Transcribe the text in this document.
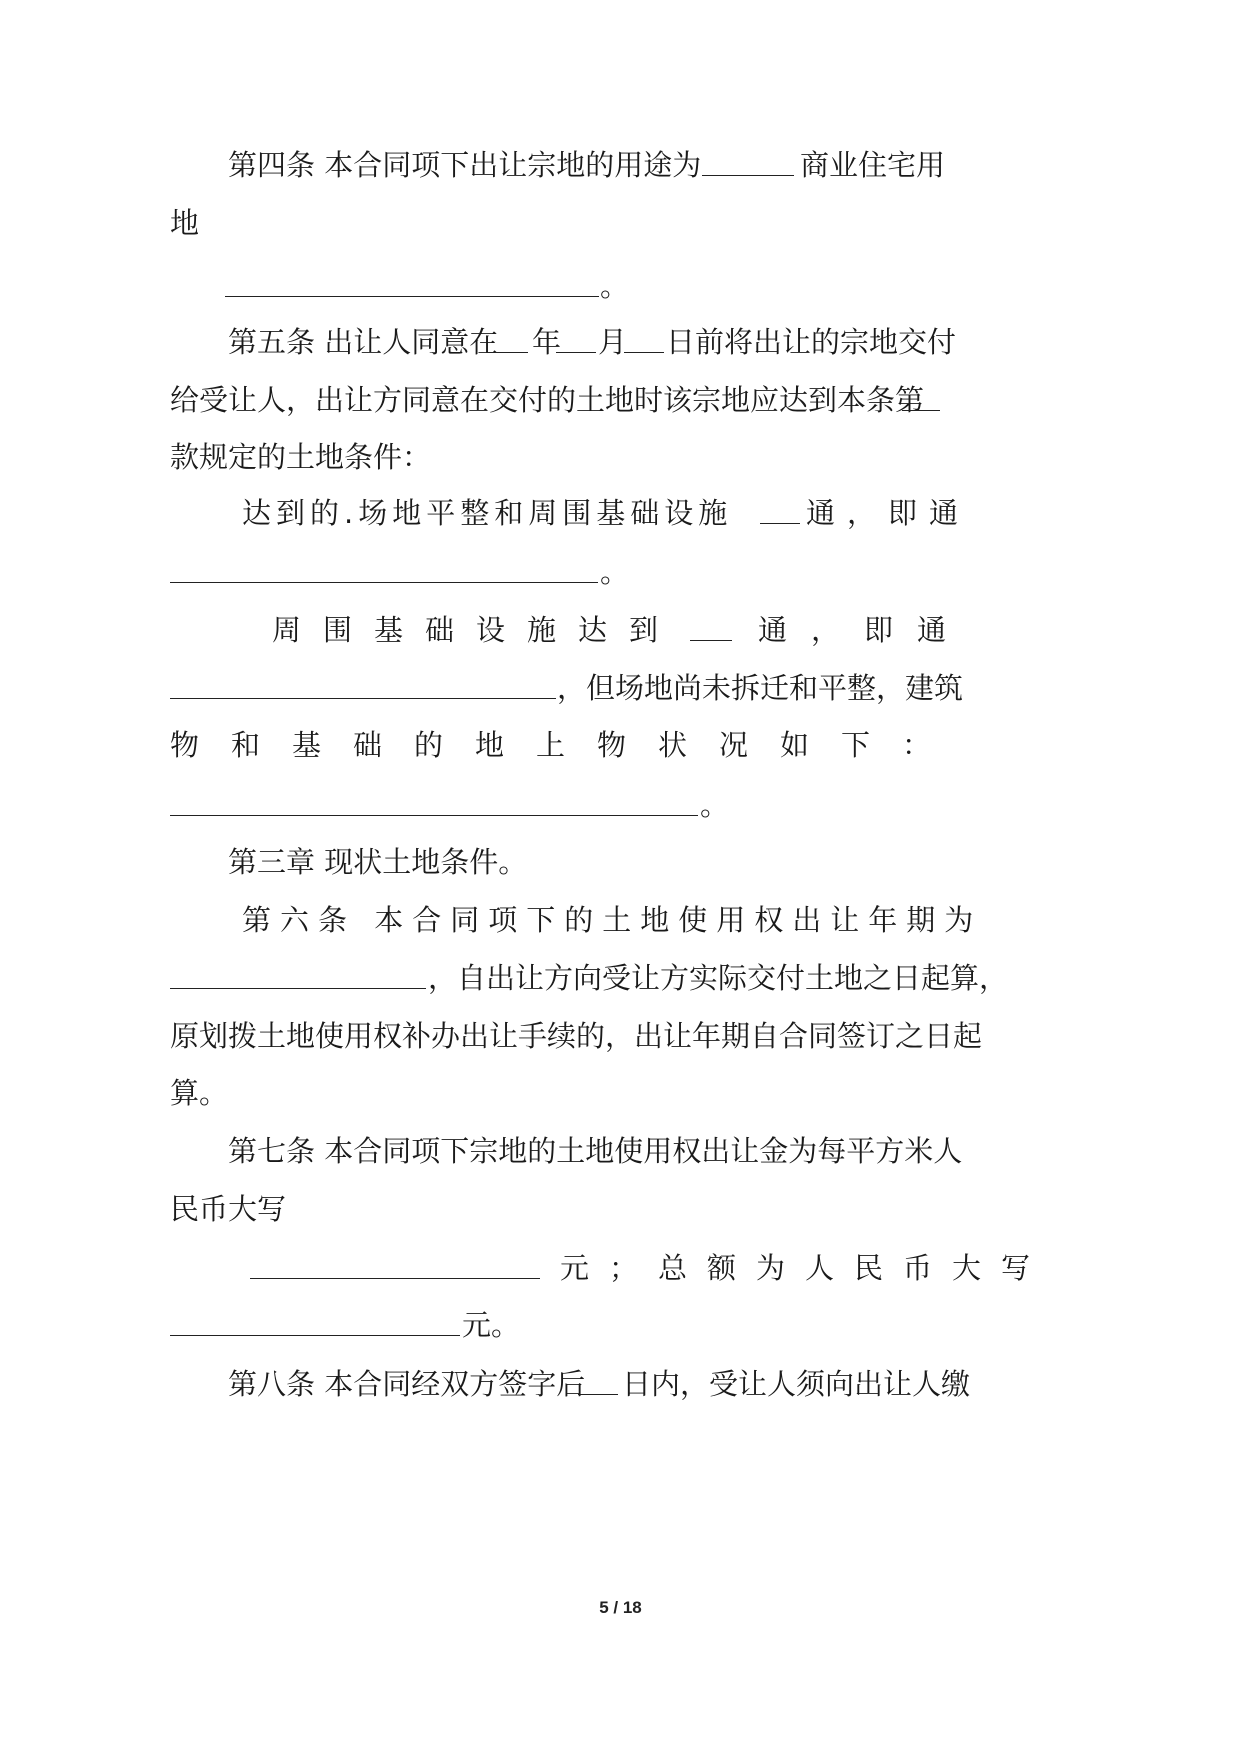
第四条 本合同项下出让宗地的用途为	商业住宅用
地
。
第五条 出让人同意在 年 月 日前将出让的宗地交付
给受让人，出让方同意在交付的土地时该宗地应达到本条第
款规定的土地条件：
达到的.场地平整和周围基础设施	通，即通
。
周围基础设施达到	通，即通
，但场地尚未拆迁和平整，建筑
物和基础的地上物状况如下：
。
第三章 现状土地条件。
第六条 本合同项下的土地使用权出让年期为
，自出让方向受让方实际交付土地之日起算，
原划拨土地使用权补办出让手续的，出让年期自合同签订之日起
算。
第七条 本合同项下宗地的土地使用权出让金为每平方米人
民币大写
元；总额为人民币大写
元。
第八条 本合同经双方签字后 日内，受让人须向出让人缴
5 / 18
